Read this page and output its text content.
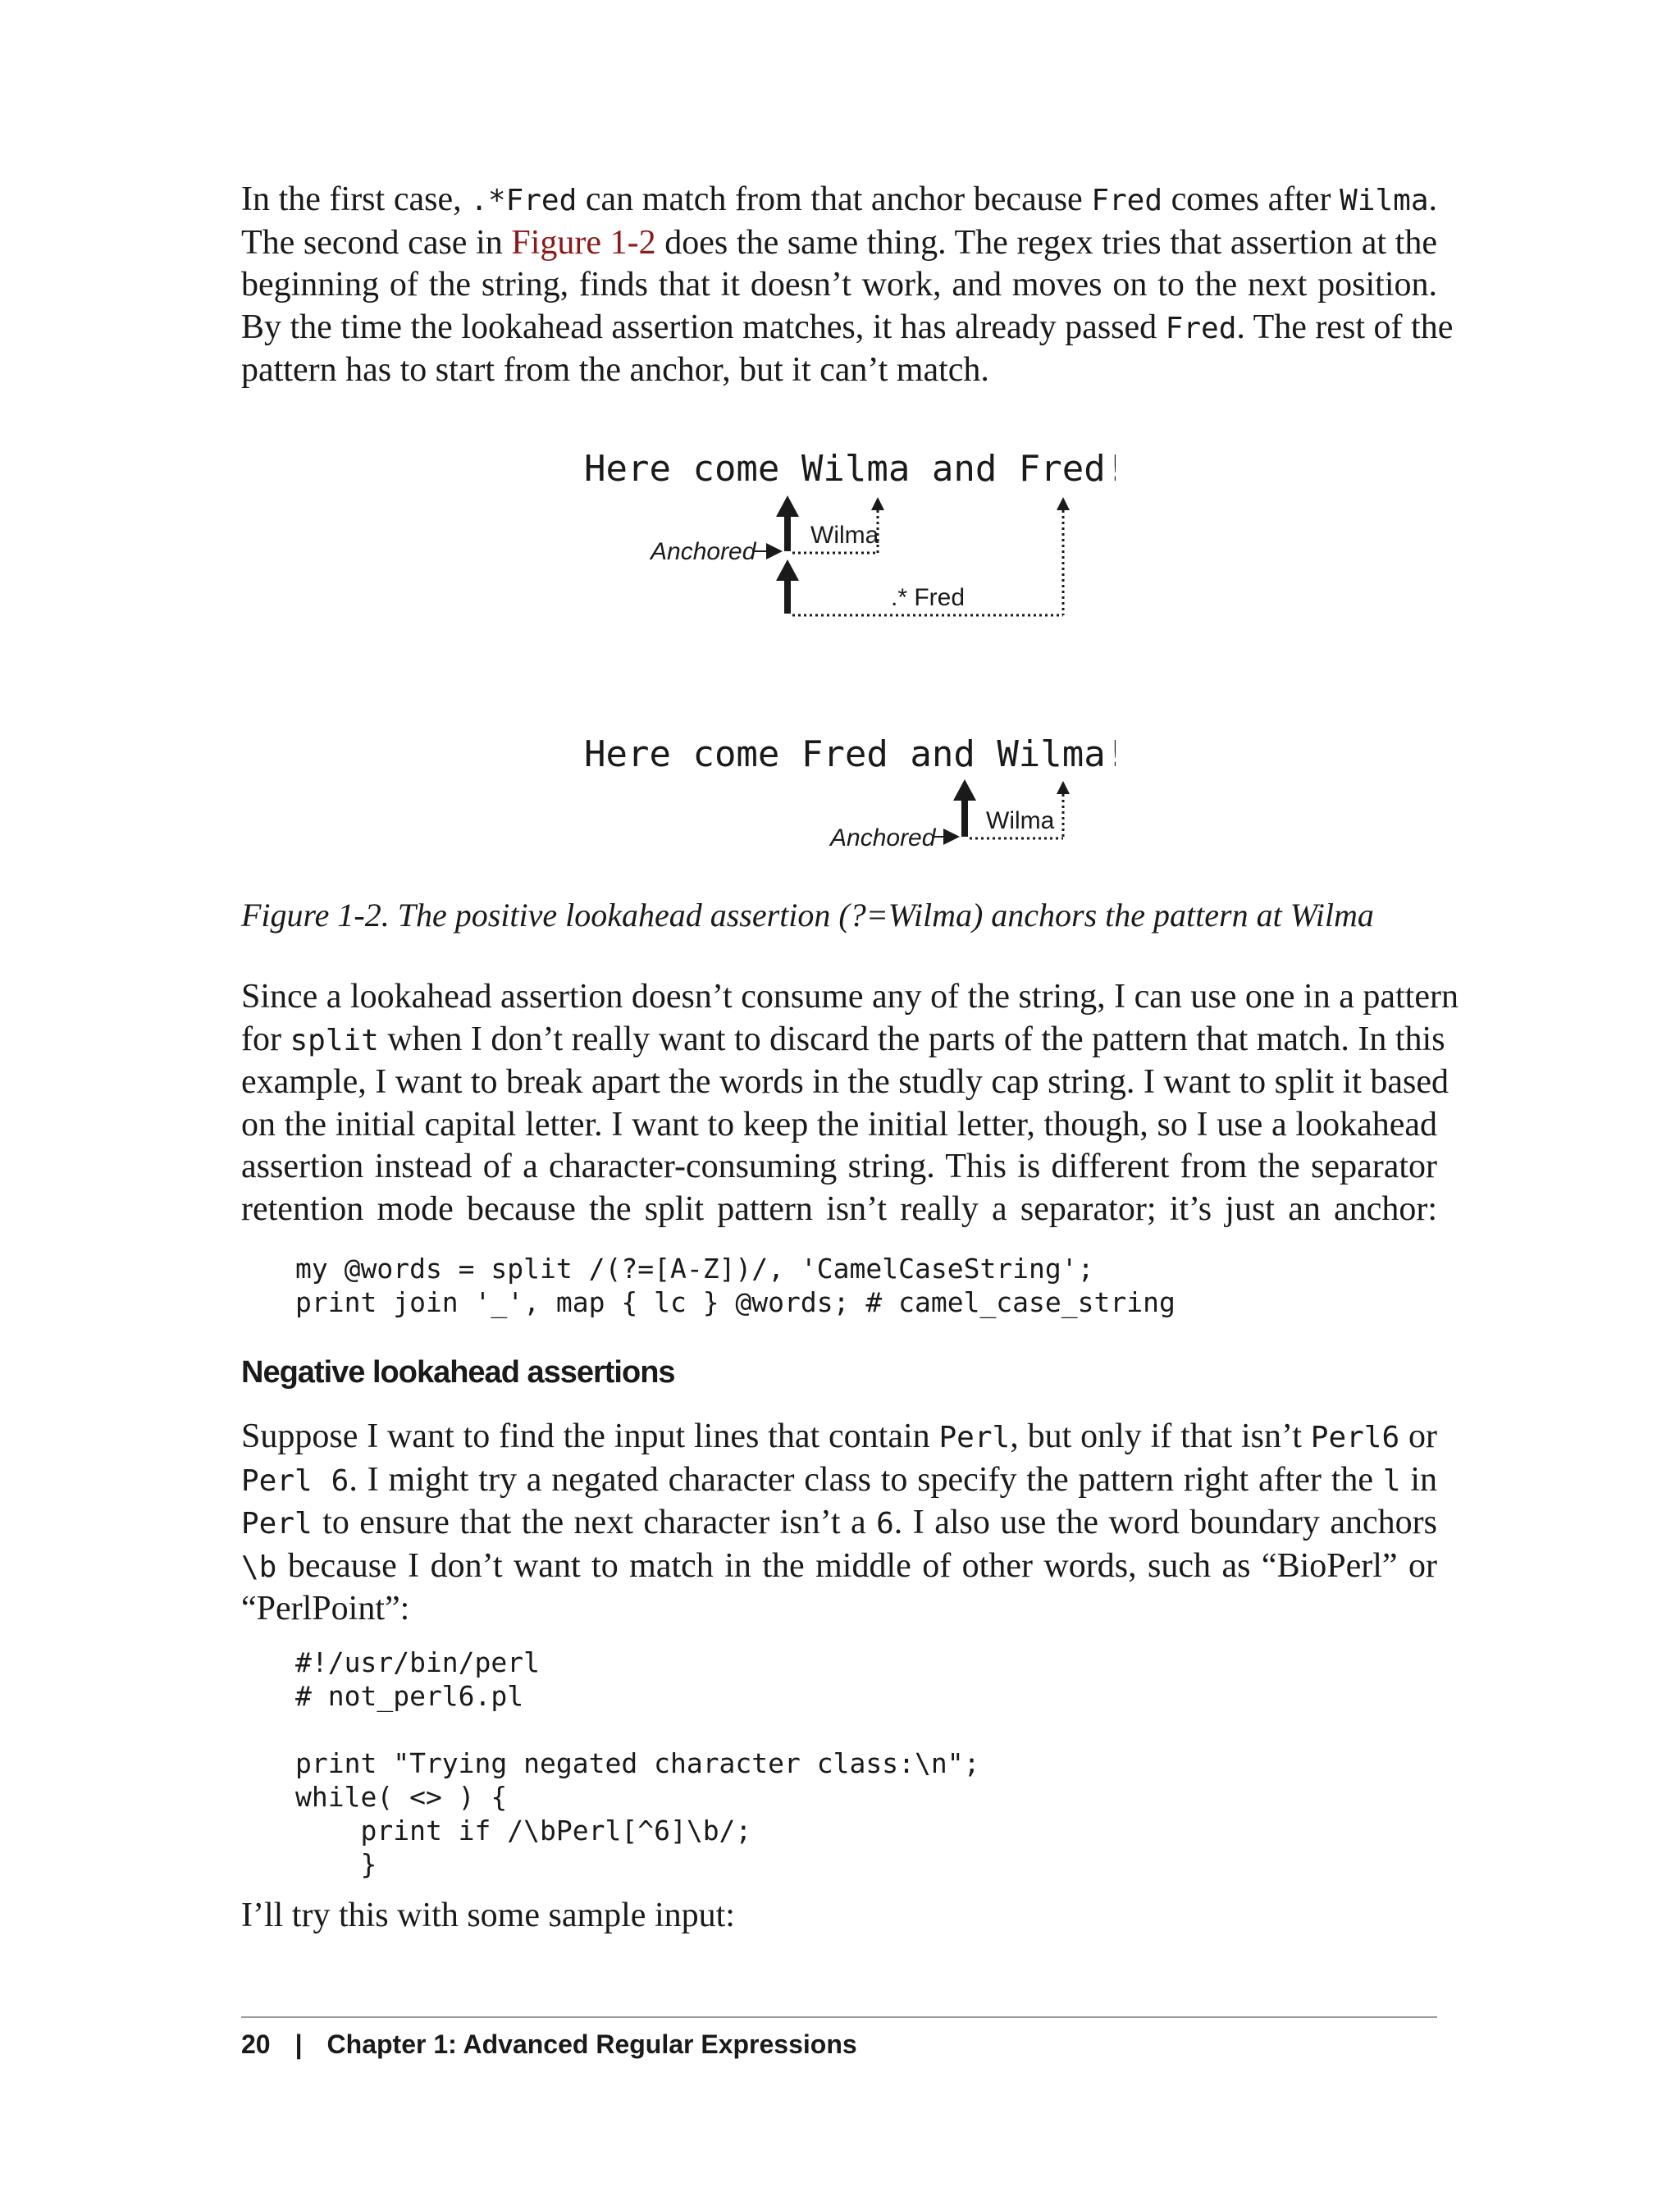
In the first case, .*Fred can match from that anchor because Fred comes after Wilma.
The second case in Figure 1-2 does the same thing. The regex tries that assertion at the
beginning of the string, finds that it doesn’t work, and moves on to the next position.
By the time the lookahead assertion matches, it has already passed Fred. The rest of the
pattern has to start from the anchor, but it can’t match.

Here come Wilma and Fred!
Wilma
Anchored
.* Fred
Here come Fred and Wilma!
Wilma
Anchored

Figure 1-2. The positive lookahead assertion (?=Wilma) anchors the pattern at Wilma

Since a lookahead assertion doesn’t consume any of the string, I can use one in a pattern
for split when I don’t really want to discard the parts of the pattern that match. In this
example, I want to break apart the words in the studly cap string. I want to split it based
on the initial capital letter. I want to keep the initial letter, though, so I use a lookahead
assertion instead of a character-consuming string. This is different from the separator
retention mode because the split pattern isn’t really a separator; it’s just an anchor:

my @words = split /(?=[A-Z])/, 'CamelCaseString';
print join '_', map { lc } @words; # camel_case_string
Negative lookahead assertions

Suppose I want to find the input lines that contain Perl, but only if that isn’t Perl6 or
Perl 6. I might try a negated character class to specify the pattern right after the l in
Perl to ensure that the next character isn’t a 6. I also use the word boundary anchors
\b because I don’t want to match in the middle of other words, such as “BioPerl” or
“PerlPoint”:

#!/usr/bin/perl
# not_perl6.pl

print "Trying negated character class:\n";
while( <> ) {
print if /\bPerl[^6]\b/;
}

I’ll try this with some sample input:

20 | Chapter 1: Advanced Regular Expressions
